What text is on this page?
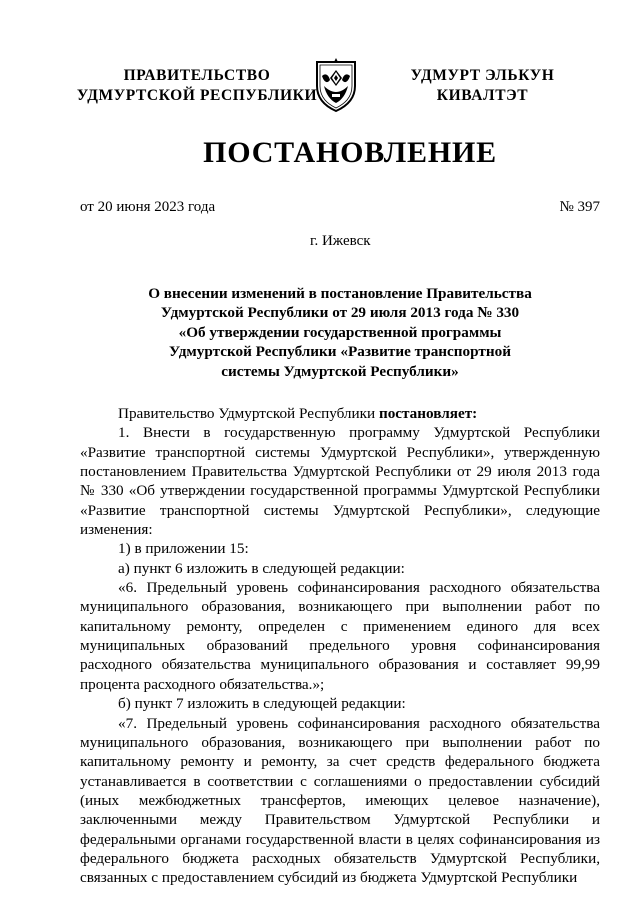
ПРАВИТЕЛЬСТВО
УДМУРТСКОЙ РЕСПУБЛИКИ
УДМУРТ ЭЛЬКУН
КИВАЛТЭТ
ПОСТАНОВЛЕНИЕ
от 20 июня 2023 года	№ 397
г. Ижевск
О внесении изменений в постановление Правительства
Удмуртской Республики от 29 июля 2013 года № 330
«Об утверждении государственной программы
Удмуртской Республики «Развитие транспортной
системы Удмуртской Республики»

Правительство Удмуртской Республики постановляет:

1. Внести в государственную программу Удмуртской Республики «Развитие транспортной системы Удмуртской Республики», утвержденную постановлением Правительства Удмуртской Республики от 29 июля 2013 года № 330 «Об утверждении государственной программы Удмуртской Республики «Развитие транспортной системы Удмуртской Республики», следующие изменения:

1) в приложении 15:

а) пункт 6 изложить в следующей редакции:

«6. Предельный уровень софинансирования расходного обязательства муниципального образования, возникающего при выполнении работ по капитальному ремонту, определен с применением единого для всех муниципальных образований предельного уровня софинансирования расходного обязательства муниципального образования и составляет 99,99 процента расходного обязательства.»;

б) пункт 7 изложить в следующей редакции:

«7. Предельный уровень софинансирования расходного обязательства муниципального образования, возникающего при выполнении работ по капитальному ремонту и ремонту, за счет средств федерального бюджета устанавливается в соответствии с соглашениями о предоставлении субсидий (иных межбюджетных трансфертов, имеющих целевое назначение), заключенными между Правительством Удмуртской Республики и федеральными органами государственной власти в целях софинансирования из федерального бюджета расходных обязательств Удмуртской Республики, связанных с предоставлением субсидий из бюджета Удмуртской Республики
